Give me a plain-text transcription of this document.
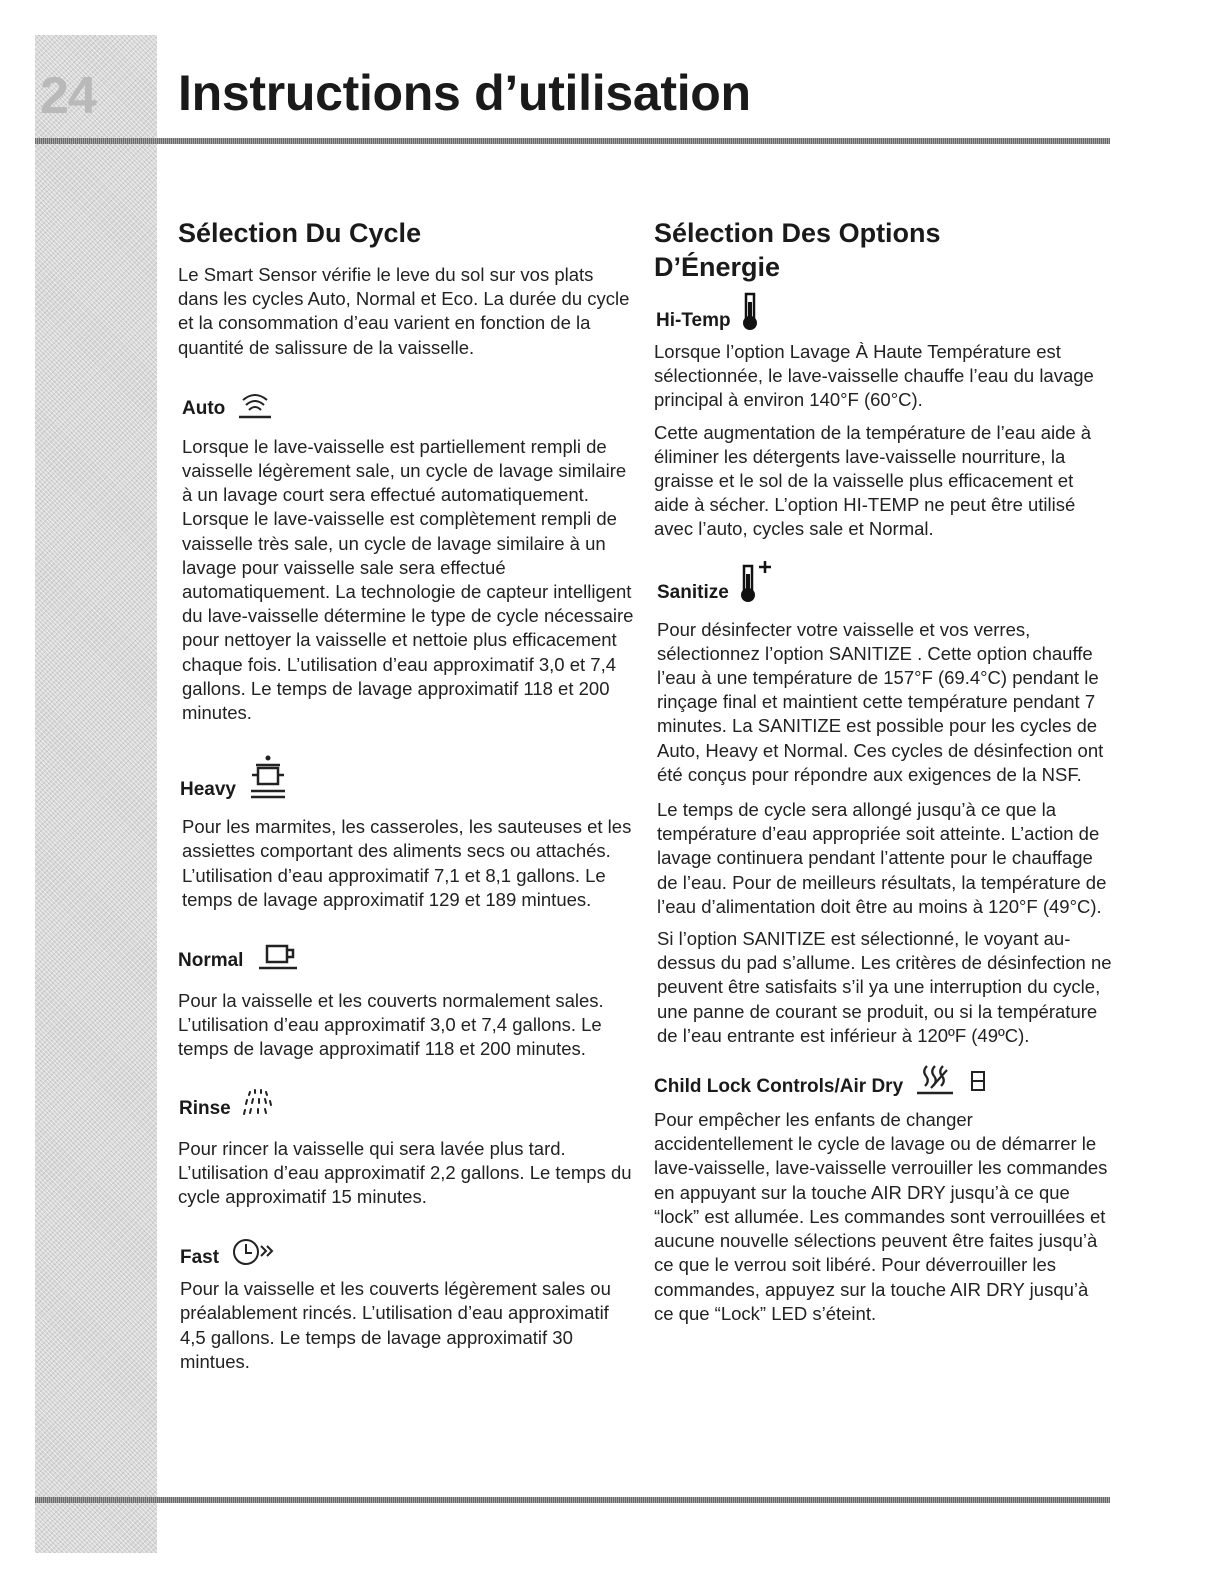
24	Instructions d’utilisation
Sélection Du Cycle

Le Smart Sensor vérifie le leve du sol sur vos plats dans les cycles Auto, Normal et Eco. La durée du cycle et la consommation d’eau varient en fonction de la quantité de salissure de la vaisselle.

Auto

Lorsque le lave-vaisselle est partiellement rempli de vaisselle légèrement sale, un cycle de lavage similaire à un lavage court sera effectué automatiquement. Lorsque le lave-vaisselle est complètement rempli de vaisselle très sale, un cycle de lavage similaire à un lavage pour vaisselle sale sera effectué automatiquement. La technologie de capteur intelligent du lave-vaisselle détermine le type de cycle nécessaire pour nettoyer la vaisselle et nettoie plus efficacement chaque fois. L’utilisation d’eau approximatif 3,0 et 7,4 gallons. Le temps de lavage approximatif 118 et 200 minutes.

Heavy

Pour les marmites, les casseroles, les sauteuses et les assiettes comportant des aliments secs ou attachés. L’utilisation d’eau approximatif 7,1 et 8,1 gallons. Le temps de lavage approximatif 129 et 189 mintues.

Normal

Pour la vaisselle et les couverts normalement sales. L’utilisation d’eau approximatif 3,0 et 7,4 gallons. Le temps de lavage approximatif 118 et 200 minutes.

Rinse

Pour rincer la vaisselle qui sera lavée plus tard. L’utilisation d’eau approximatif 2,2 gallons. Le temps du cycle approximatif 15 minutes.

Fast

Pour la vaisselle et les couverts légèrement sales ou préalablement rincés. L’utilisation d’eau approximatif 4,5 gallons. Le temps de lavage approximatif 30 mintues.

Sélection Des Options
D’Énergie
Hi-Temp

Lorsque l’option Lavage À Haute Température est sélectionnée, le lave-vaisselle chauffe l’eau du lavage principal à environ 140°F (60°C).

Cette augmentation de la température de l’eau aide à éliminer les détergents lave-vaisselle nourriture, la graisse et le sol de la vaisselle plus efficacement et aide à sécher. L’option HI-TEMP ne peut être utilisé avec l’auto, cycles sale et Normal.

Sanitize

Pour désinfecter votre vaisselle et vos verres, sélectionnez l’option SANITIZE . Cette option chauffe l’eau à une température de 157°F (69.4°C) pendant le rinçage final et maintient cette température pendant 7 minutes. La SANITIZE est possible pour les cycles de Auto, Heavy et Normal. Ces cycles de désinfection ont été conçus pour répondre aux exigences de la NSF.

Le temps de cycle sera allongé jusqu’à ce que la température d’eau appropriée soit atteinte. L’action de lavage continuera pendant l’attente pour le chauffage de l’eau. Pour de meilleurs résultats, la température de l’eau d’alimentation doit être au moins à 120°F (49°C).

Si l’option SANITIZE est sélectionné, le voyant au-dessus du pad s’allume. Les critères de désinfection ne peuvent être satisfaits s’il ya une interruption du cycle, une panne de courant se produit, ou si la température de l’eau entrante est inférieur à 120ºF (49ºC).

Child Lock Controls/Air Dry

Pour empêcher les enfants de changer accidentellement le cycle de lavage ou de démarrer le lave-vaisselle, lave-vaisselle verrouiller les commandes en appuyant sur la touche AIR DRY jusqu’à ce que “lock” est allumée. Les commandes sont verrouillées et aucune nouvelle sélections peuvent être faites jusqu’à ce que le verrou soit libéré. Pour déverrouiller les commandes, appuyez sur la touche AIR DRY jusqu’à ce que “Lock” LED s’éteint.
